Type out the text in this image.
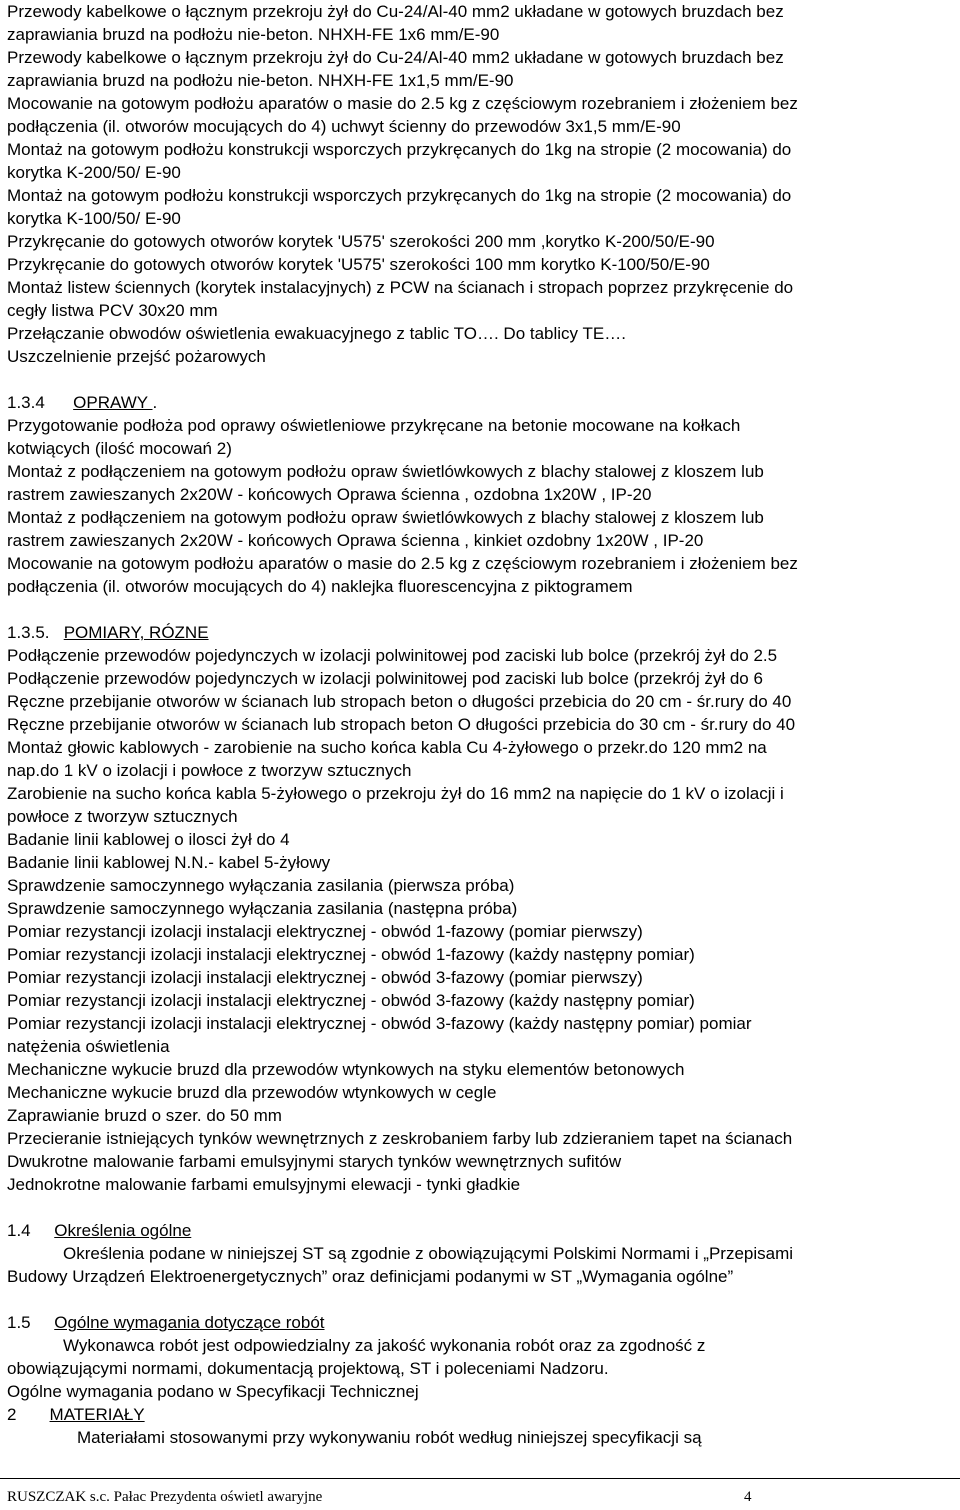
Przewody kabelkowe o łącznym przekroju żył do Cu-24/Al-40 mm2 układane w gotowych bruzdach bez
zaprawiania bruzd na podłożu nie-beton. NHXH-FE 1x6 mm/E-90
Przewody kabelkowe o łącznym przekroju żył do Cu-24/Al-40 mm2 układane w gotowych bruzdach bez
zaprawiania bruzd na podłożu nie-beton. NHXH-FE 1x1,5 mm/E-90
Mocowanie na gotowym podłożu aparatów o masie do 2.5 kg z częściowym rozebraniem i złożeniem bez
podłączenia (il. otworów mocujących do 4) uchwyt ścienny do przewodów 3x1,5 mm/E-90
Montaż na gotowym podłożu konstrukcji wsporczych przykręcanych do 1kg na stropie (2 mocowania) do
korytka K-200/50/ E-90
Montaż na gotowym podłożu konstrukcji wsporczych przykręcanych do 1kg na stropie (2 mocowania) do
korytka K-100/50/ E-90
Przykręcanie do gotowych otworów korytek 'U575' szerokości 200 mm ,korytko K-200/50/E-90
Przykręcanie do gotowych otworów korytek 'U575' szerokości 100 mm korytko K-100/50/E-90
Montaż listew ściennych (korytek instalacyjnych) z PCW na ścianach i stropach poprzez przykręcenie do
cegły listwa PCV 30x20 mm
Przełączanie obwodów oświetlenia ewakuacyjnego z tablic TO…. Do tablicy TE….
Uszczelnienie przejść pożarowych
1.3.4      OPRAWY .
Przygotowanie podłoża pod oprawy oświetleniowe przykręcane na betonie mocowane na kołkach
kotwiących (ilość mocowań 2)
Montaż z podłączeniem na gotowym podłożu opraw świetlówkowych z blachy stalowej z kloszem lub
rastrem zawieszanych 2x20W - końcowych Oprawa ścienna , ozdobna 1x20W , IP-20
Montaż z podłączeniem na gotowym podłożu opraw świetlówkowych z blachy stalowej z kloszem lub
rastrem zawieszanych 2x20W - końcowych Oprawa ścienna , kinkiet ozdobny 1x20W , IP-20
Mocowanie na gotowym podłożu aparatów o masie do 2.5 kg z częściowym rozebraniem i złożeniem bez
podłączenia (il. otworów mocujących do 4) naklejka fluorescencyjna z piktogramem
1.3.5.   POMIARY, RÓZNE
Podłączenie przewodów pojedynczych w izolacji polwinitowej pod zaciski lub bolce (przekrój żył do 2.5
Podłączenie przewodów pojedynczych w izolacji polwinitowej pod zaciski lub bolce (przekrój żył do 6
Ręczne przebijanie otworów w ścianach lub stropach beton o długości przebicia do 20 cm - śr.rury do 40
Ręczne przebijanie otworów w ścianach lub stropach beton O długości przebicia do 30 cm - śr.rury do 40
Montaż głowic kablowych - zarobienie na sucho końca kabla Cu 4-żyłowego o przekr.do 120 mm2 na
nap.do 1 kV o izolacji i powłoce z tworzyw sztucznych
Zarobienie na sucho końca kabla 5-żyłowego o przekroju żył do 16 mm2 na napięcie do 1 kV o izolacji i
powłoce z tworzyw sztucznych
Badanie linii kablowej o ilosci żył do 4
Badanie linii kablowej N.N.- kabel 5-żyłowy
Sprawdzenie samoczynnego wyłączania zasilania (pierwsza próba)
Sprawdzenie samoczynnego wyłączania zasilania (następna próba)
Pomiar rezystancji izolacji instalacji elektrycznej - obwód 1-fazowy (pomiar pierwszy)
Pomiar rezystancji izolacji instalacji elektrycznej - obwód 1-fazowy (każdy następny pomiar)
Pomiar rezystancji izolacji instalacji elektrycznej - obwód 3-fazowy (pomiar pierwszy)
Pomiar rezystancji izolacji instalacji elektrycznej - obwód 3-fazowy (każdy następny pomiar)
Pomiar rezystancji izolacji instalacji elektrycznej - obwód 3-fazowy (każdy następny pomiar) pomiar
natężenia oświetlenia
Mechaniczne wykucie bruzd dla przewodów wtynkowych na styku elementów betonowych
Mechaniczne wykucie bruzd dla przewodów wtynkowych w cegle
Zaprawianie bruzd o szer. do 50 mm
Przecieranie istniejących tynków wewnętrznych z zeskrobaniem farby lub zdzieraniem tapet na ścianach
Dwukrotne malowanie farbami emulsyjnymi starych tynków wewnętrznych sufitów
Jednokrotne malowanie farbami emulsyjnymi elewacji - tynki gładkie
1.4     Określenia ogólne
Określenia podane w niniejszej ST są zgodnie z obowiązującymi Polskimi Normami i „Przepisami
Budowy Urządzeń Elektroenergetycznych” oraz definicjami podanymi w ST „Wymagania ogólne”
1.5     Ogólne wymagania dotyczące robót
Wykonawca robót jest odpowiedzialny za jakość wykonania robót oraz za zgodność z
obowiązującymi normami, dokumentacją projektową, ST i poleceniami Nadzoru.
Ogólne wymagania podano w Specyfikacji Technicznej
2       MATERIAŁY
Materiałami stosowanymi przy wykonywaniu robót według niniejszej specyfikacji są
RUSZCZAK s.c. Pałac Prezydenta oświetl awaryjne	4
